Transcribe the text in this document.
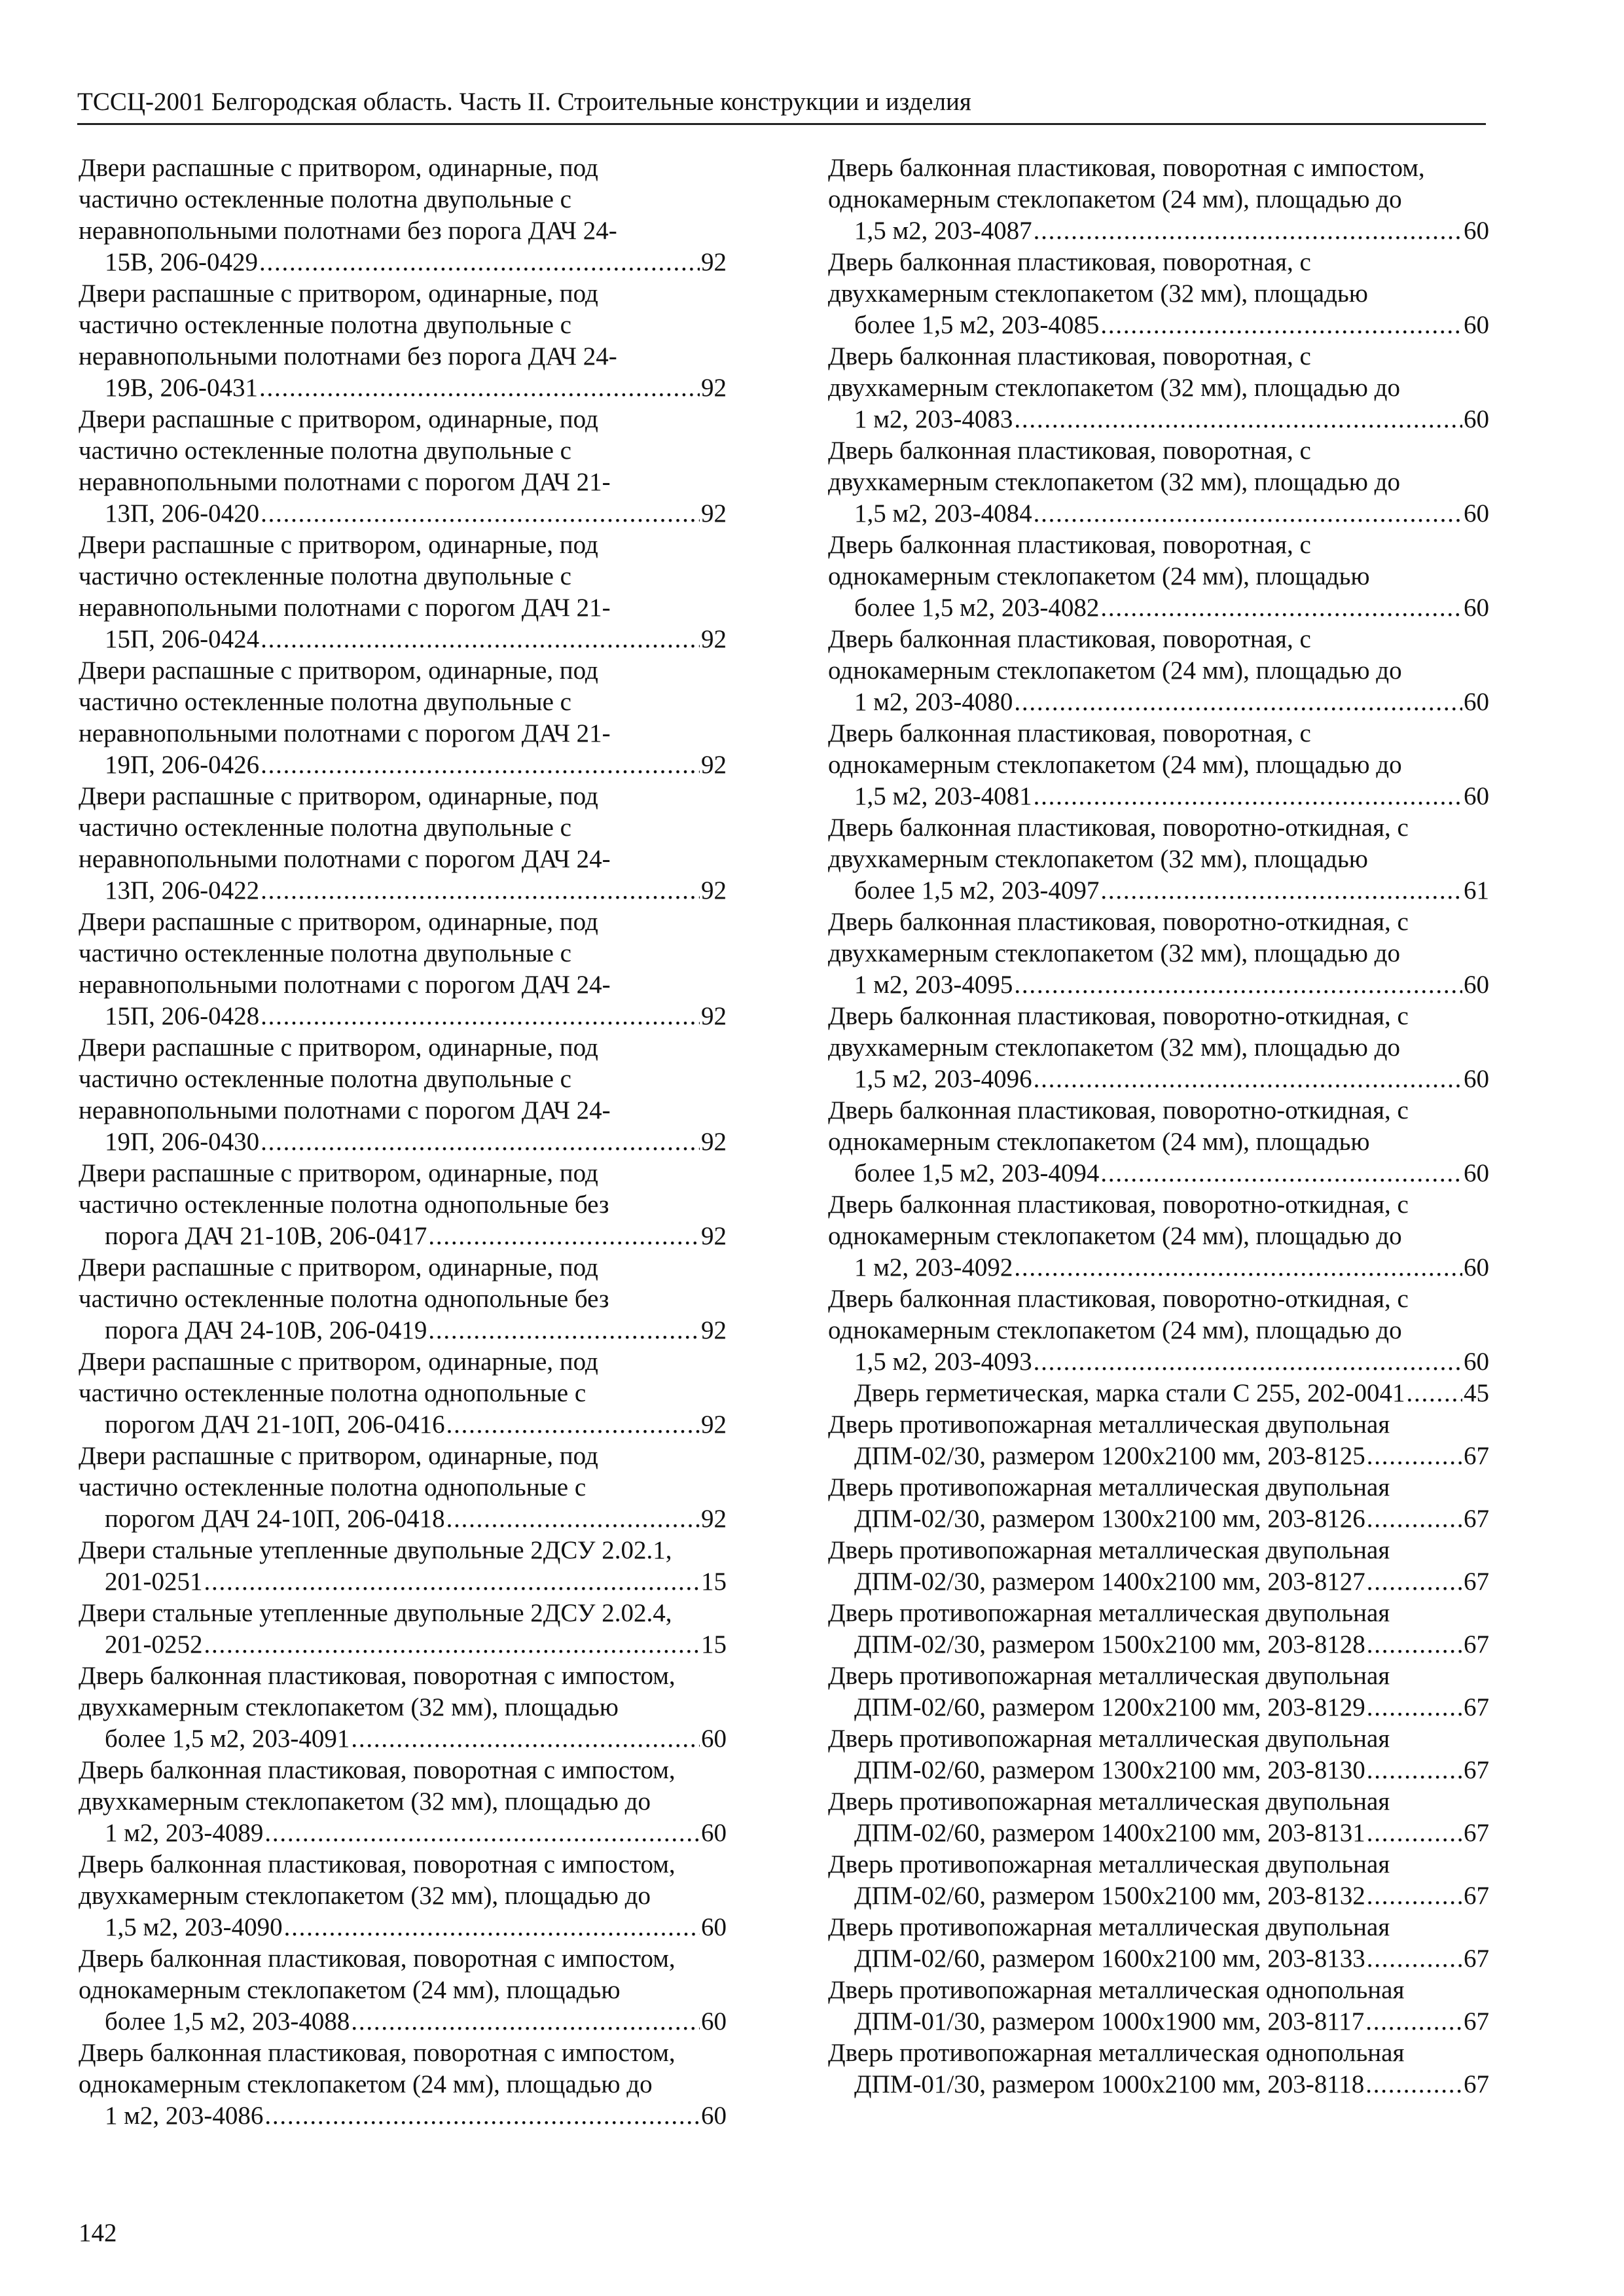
ТССЦ-2001 Белгородская область. Часть II. Строительные конструкции и изделия
Двери распашные с притвором, одинарные, под
частично остекленные полотна двупольные с
неравнопольными полотнами без порога ДАЧ 24-
15В, 206-0429 . . .	92
Двери распашные с притвором, одинарные, под
частично остекленные полотна двупольные с
неравнопольными полотнами без порога ДАЧ 24-
19В, 206-0431 . . .	92
Двери распашные с притвором, одинарные, под
частично остекленные полотна двупольные с
неравнопольными полотнами с порогом ДАЧ 21-
13П, 206-0420 . . .	92
Двери распашные с притвором, одинарные, под
частично остекленные полотна двупольные с
неравнопольными полотнами с порогом ДАЧ 21-
15П, 206-0424 . . .	92
Двери распашные с притвором, одинарные, под
частично остекленные полотна двупольные с
неравнопольными полотнами с порогом ДАЧ 21-
19П, 206-0426 . . .	92
Двери распашные с притвором, одинарные, под
частично остекленные полотна двупольные с
неравнопольными полотнами с порогом ДАЧ 24-
13П, 206-0422 . . .	92
Двери распашные с притвором, одинарные, под
частично остекленные полотна двупольные с
неравнопольными полотнами с порогом ДАЧ 24-
15П, 206-0428 . . .	92
Двери распашные с притвором, одинарные, под
частично остекленные полотна двупольные с
неравнопольными полотнами с порогом ДАЧ 24-
19П, 206-0430 . . .	92
Двери распашные с притвором, одинарные, под
частично остекленные полотна однопольные без
порога ДАЧ 21-10В, 206-0417 . . .	92
Двери распашные с притвором, одинарные, под
частично остекленные полотна однопольные без
порога ДАЧ 24-10В, 206-0419 . . .	92
Двери распашные с притвором, одинарные, под
частично остекленные полотна однопольные с
порогом ДАЧ 21-10П, 206-0416 . . .	92
Двери распашные с притвором, одинарные, под
частично остекленные полотна однопольные с
порогом ДАЧ 24-10П, 206-0418 . . .	92
Двери стальные утепленные двупольные 2ДСУ 2.02.1,
201-0251 . . .	15
Двери стальные утепленные двупольные 2ДСУ 2.02.4,
201-0252 . . .	15
Дверь балконная пластиковая, поворотная с импостом,
двухкамерным стеклопакетом (32 мм), площадью
более 1,5 м2, 203-4091 . . .	60
Дверь балконная пластиковая, поворотная с импостом,
двухкамерным стеклопакетом (32 мм), площадью до
1 м2, 203-4089 . . .	60
Дверь балконная пластиковая, поворотная с импостом,
двухкамерным стеклопакетом (32 мм), площадью до
1,5 м2, 203-4090 . . .	60
Дверь балконная пластиковая, поворотная с импостом,
однокамерным стеклопакетом (24 мм), площадью
более 1,5 м2, 203-4088 . . .	60
Дверь балконная пластиковая, поворотная с импостом,
однокамерным стеклопакетом (24 мм), площадью до
1 м2, 203-4086 . . .	60
Дверь балконная пластиковая, поворотная с импостом,
однокамерным стеклопакетом (24 мм), площадью до
1,5 м2, 203-4087 . . .	60
Дверь балконная пластиковая, поворотная, с
двухкамерным стеклопакетом (32 мм), площадью
более 1,5 м2, 203-4085 . . .	60
Дверь балконная пластиковая, поворотная, с
двухкамерным стеклопакетом (32 мм), площадью до
1 м2, 203-4083 . . .	60
Дверь балконная пластиковая, поворотная, с
двухкамерным стеклопакетом (32 мм), площадью до
1,5 м2, 203-4084 . . .	60
Дверь балконная пластиковая, поворотная, с
однокамерным стеклопакетом (24 мм), площадью
более 1,5 м2, 203-4082 . . .	60
Дверь балконная пластиковая, поворотная, с
однокамерным стеклопакетом (24 мм), площадью до
1 м2, 203-4080 . . .	60
Дверь балконная пластиковая, поворотная, с
однокамерным стеклопакетом (24 мм), площадью до
1,5 м2, 203-4081 . . .	60
Дверь балконная пластиковая, поворотно-откидная, с
двухкамерным стеклопакетом (32 мм), площадью
более 1,5 м2, 203-4097 . . .	61
Дверь балконная пластиковая, поворотно-откидная, с
двухкамерным стеклопакетом (32 мм), площадью до
1 м2, 203-4095 . . .	60
Дверь балконная пластиковая, поворотно-откидная, с
двухкамерным стеклопакетом (32 мм), площадью до
1,5 м2, 203-4096 . . .	60
Дверь балконная пластиковая, поворотно-откидная, с
однокамерным стеклопакетом (24 мм), площадью
более 1,5 м2, 203-4094 . . .	60
Дверь балконная пластиковая, поворотно-откидная, с
однокамерным стеклопакетом (24 мм), площадью до
1 м2, 203-4092 . . .	60
Дверь балконная пластиковая, поворотно-откидная, с
однокамерным стеклопакетом (24 мм), площадью до
1,5 м2, 203-4093 . . .	60
Дверь герметическая, марка стали С 255, 202-0041 . . . 45
Дверь противопожарная металлическая двупольная
ДПМ-02/30, размером 1200x2100 мм, 203-8125 . . .	67
Дверь противопожарная металлическая двупольная
ДПМ-02/30, размером 1300x2100 мм, 203-8126 . . .	67
Дверь противопожарная металлическая двупольная
ДПМ-02/30, размером 1400x2100 мм, 203-8127 . . .	67
Дверь противопожарная металлическая двупольная
ДПМ-02/30, размером 1500x2100 мм, 203-8128 . . .	67
Дверь противопожарная металлическая двупольная
ДПМ-02/60, размером 1200x2100 мм, 203-8129 . . .	67
Дверь противопожарная металлическая двупольная
ДПМ-02/60, размером 1300x2100 мм, 203-8130 . . .	67
Дверь противопожарная металлическая двупольная
ДПМ-02/60, размером 1400x2100 мм, 203-8131 . . .	67
Дверь противопожарная металлическая двупольная
ДПМ-02/60, размером 1500x2100 мм, 203-8132 . . .	67
Дверь противопожарная металлическая двупольная
ДПМ-02/60, размером 1600x2100 мм, 203-8133 . . .	67
Дверь противопожарная металлическая однопольная
ДПМ-01/30, размером 1000x1900 мм, 203-8117 . . .	67
Дверь противопожарная металлическая однопольная
ДПМ-01/30, размером 1000x2100 мм, 203-8118 . . .	67
142
